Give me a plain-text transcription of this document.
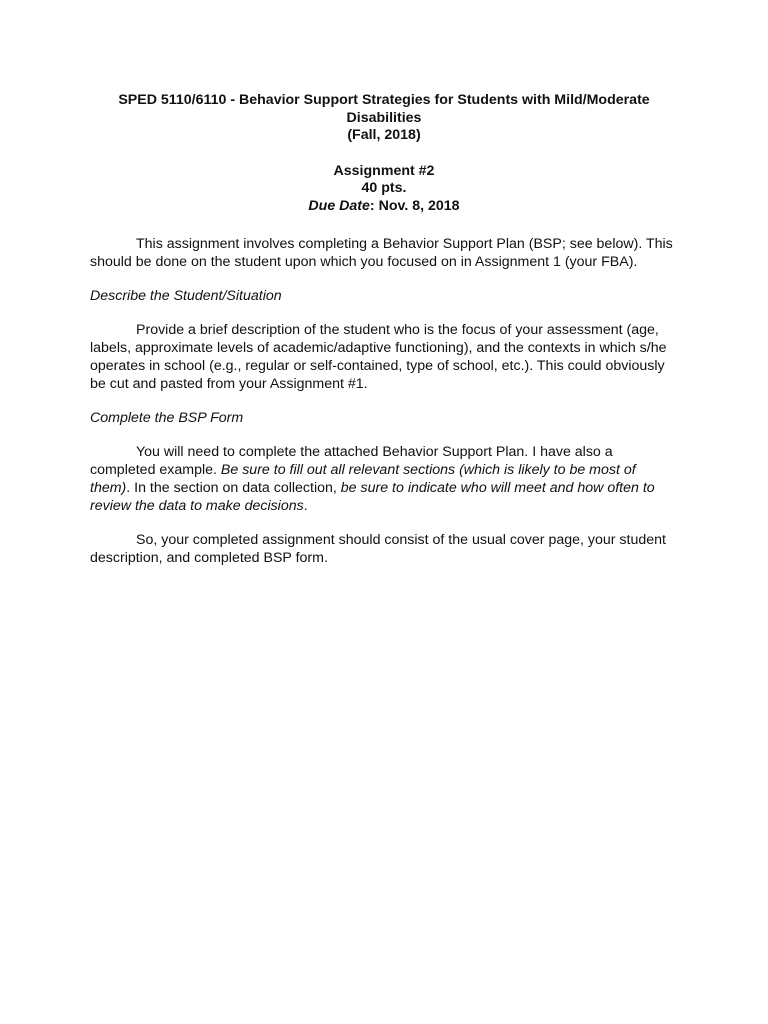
SPED 5110/6110 - Behavior Support Strategies for Students with Mild/Moderate
Disabilities
(Fall, 2018)
Assignment #2
40 pts.
Due Date: Nov. 8, 2018

This assignment involves completing a Behavior Support Plan (BSP; see below). This should be done on the student upon which you focused on in Assignment 1 (your FBA).

Describe the Student/Situation

Provide a brief description of the student who is the focus of your assessment (age, labels, approximate levels of academic/adaptive functioning), and the contexts in which s/he operates in school (e.g., regular or self-contained, type of school, etc.). This could obviously be cut and pasted from your Assignment #1.

Complete the BSP Form

You will need to complete the attached Behavior Support Plan. I have also a completed example. Be sure to fill out all relevant sections (which is likely to be most of them). In the section on data collection, be sure to indicate who will meet and how often to review the data to make decisions.

So, your completed assignment should consist of the usual cover page, your student description, and completed BSP form.
